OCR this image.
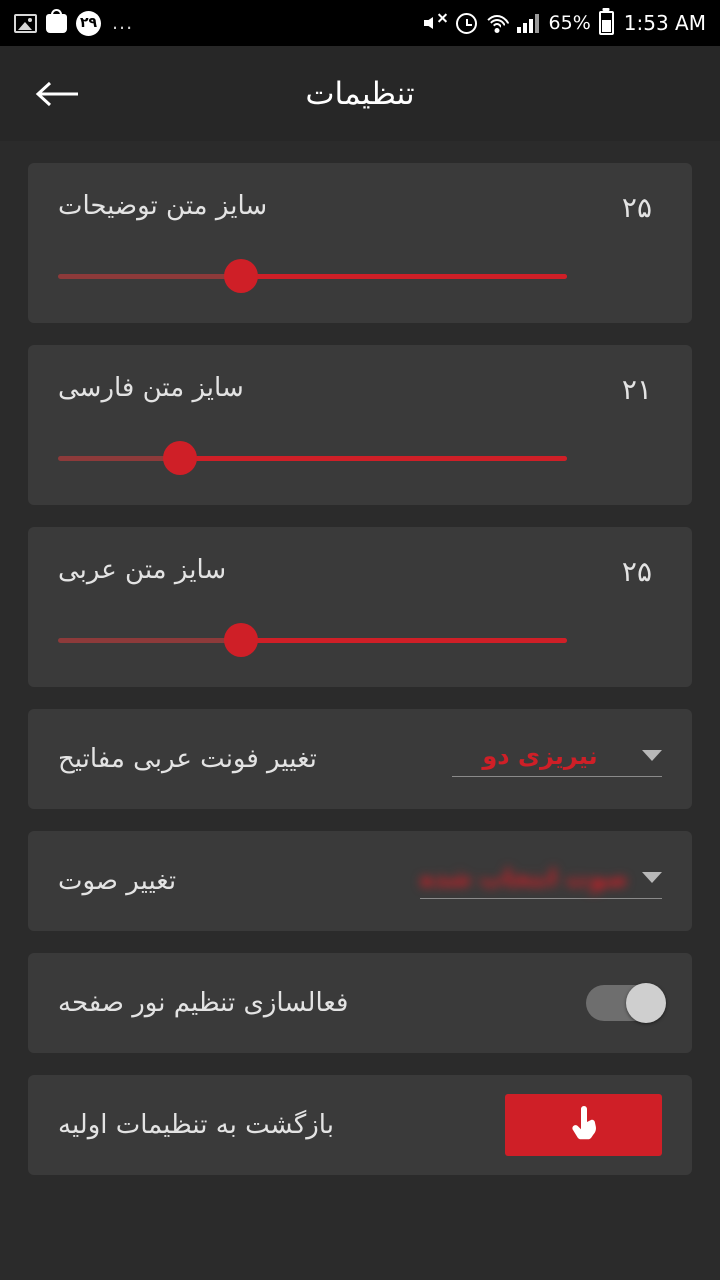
۲۹ ...	65% 1:53 AM
تنظیمات
۲۵
سایز متن توضیحات
۲۱
سایز متن فارسی
۲۵
سایز متن عربی
نیریزی دو
تغییر فونت عربی مفاتیح
صوت انتخاب شده
تغییر صوت
فعالسازی تنظیم نور صفحه
بازگشت به تنظیمات اولیه
